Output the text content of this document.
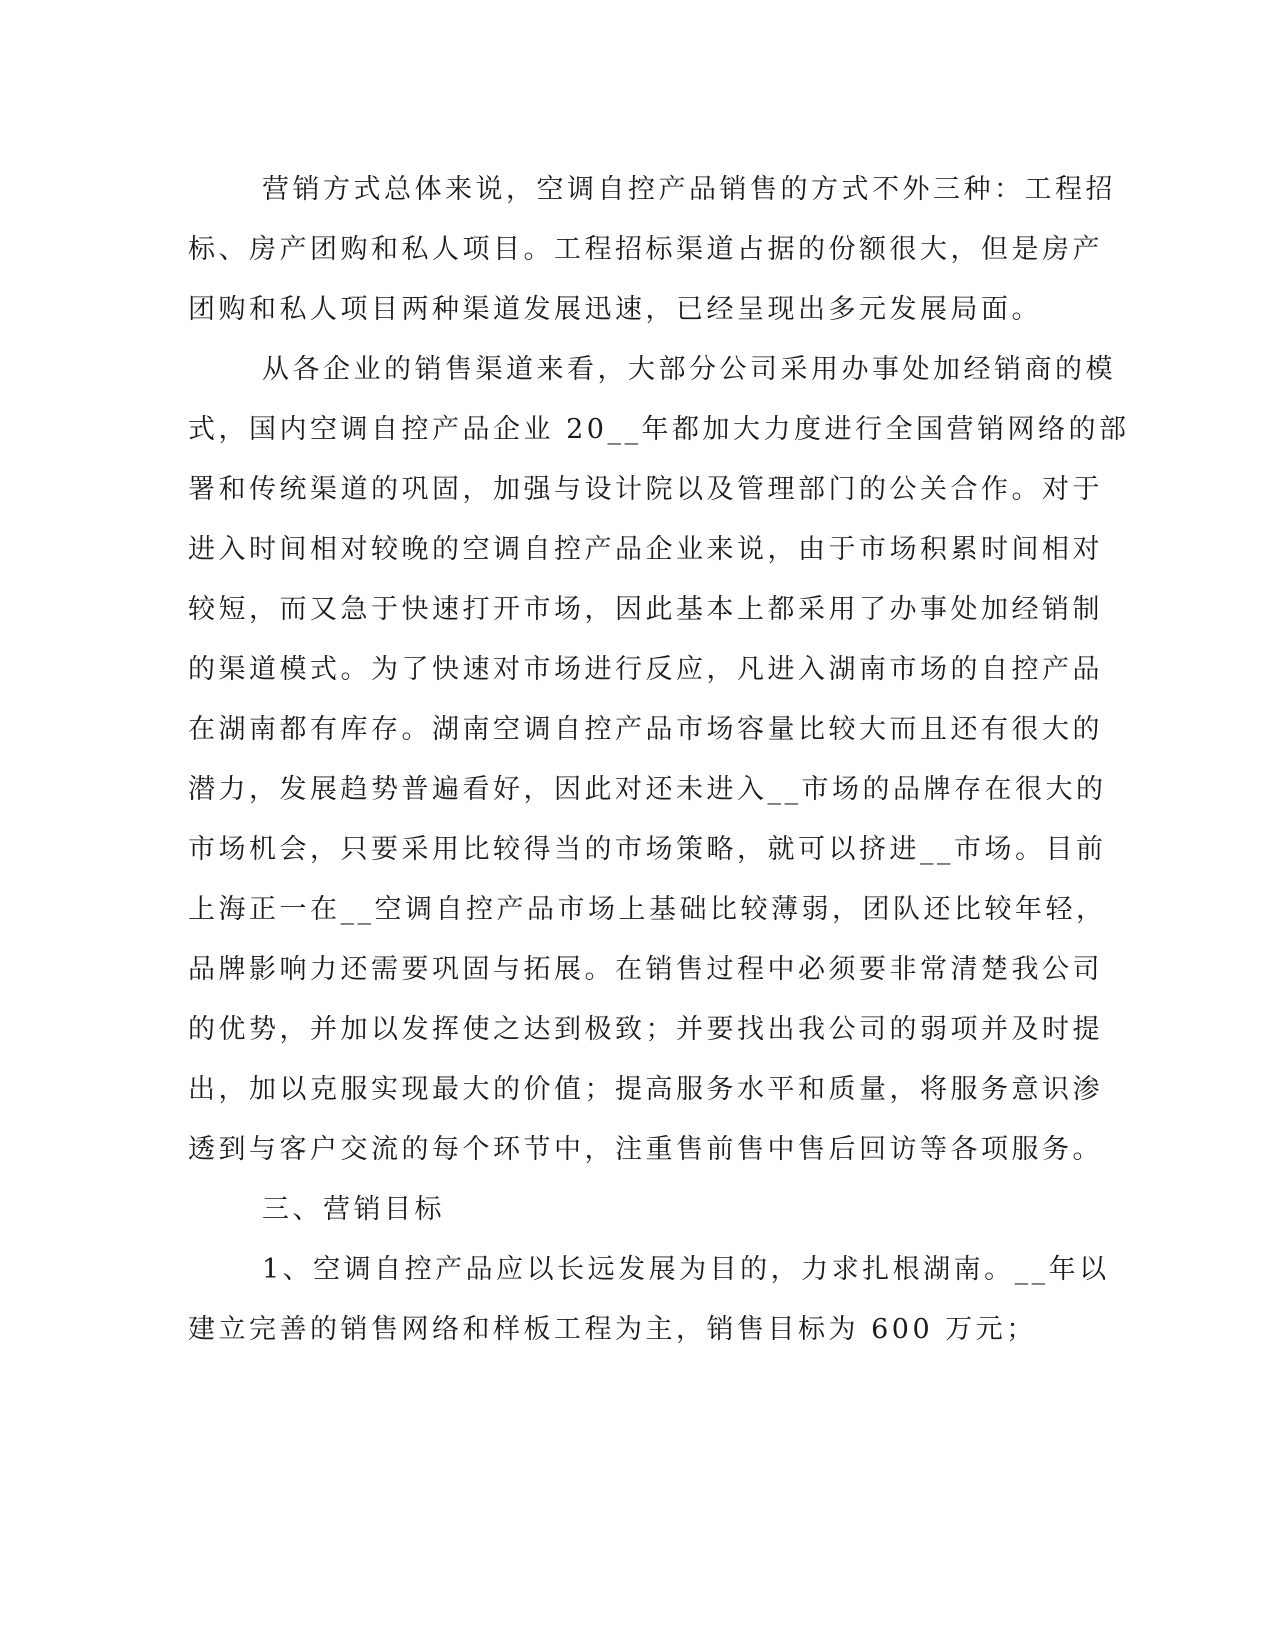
营销方式总体来说，空调自控产品销售的方式不外三种：工程招
标、房产团购和私人项目。工程招标渠道占据的份额很大，但是房产
团购和私人项目两种渠道发展迅速，已经呈现出多元发展局面。

从各企业的销售渠道来看，大部分公司采用办事处加经销商的模
式，国内空调自控产品企业 20__年都加大力度进行全国营销网络的部
署和传统渠道的巩固，加强与设计院以及管理部门的公关合作。对于
进入时间相对较晚的空调自控产品企业来说，由于市场积累时间相对
较短，而又急于快速打开市场，因此基本上都采用了办事处加经销制
的渠道模式。为了快速对市场进行反应，凡进入湖南市场的自控产品
在湖南都有库存。湖南空调自控产品市场容量比较大而且还有很大的
潜力，发展趋势普遍看好，因此对还未进入__市场的品牌存在很大的
市场机会，只要采用比较得当的市场策略，就可以挤进__市场。目前
上海正一在__空调自控产品市场上基础比较薄弱，团队还比较年轻，
品牌影响力还需要巩固与拓展。在销售过程中必须要非常清楚我公司
的优势，并加以发挥使之达到极致；并要找出我公司的弱项并及时提
出，加以克服实现最大的价值；提高服务水平和质量，将服务意识渗
透到与客户交流的每个环节中，注重售前售中售后回访等各项服务。

三、营销目标

1、空调自控产品应以长远发展为目的，力求扎根湖南。__年以
建立完善的销售网络和样板工程为主，销售目标为 600 万元；
